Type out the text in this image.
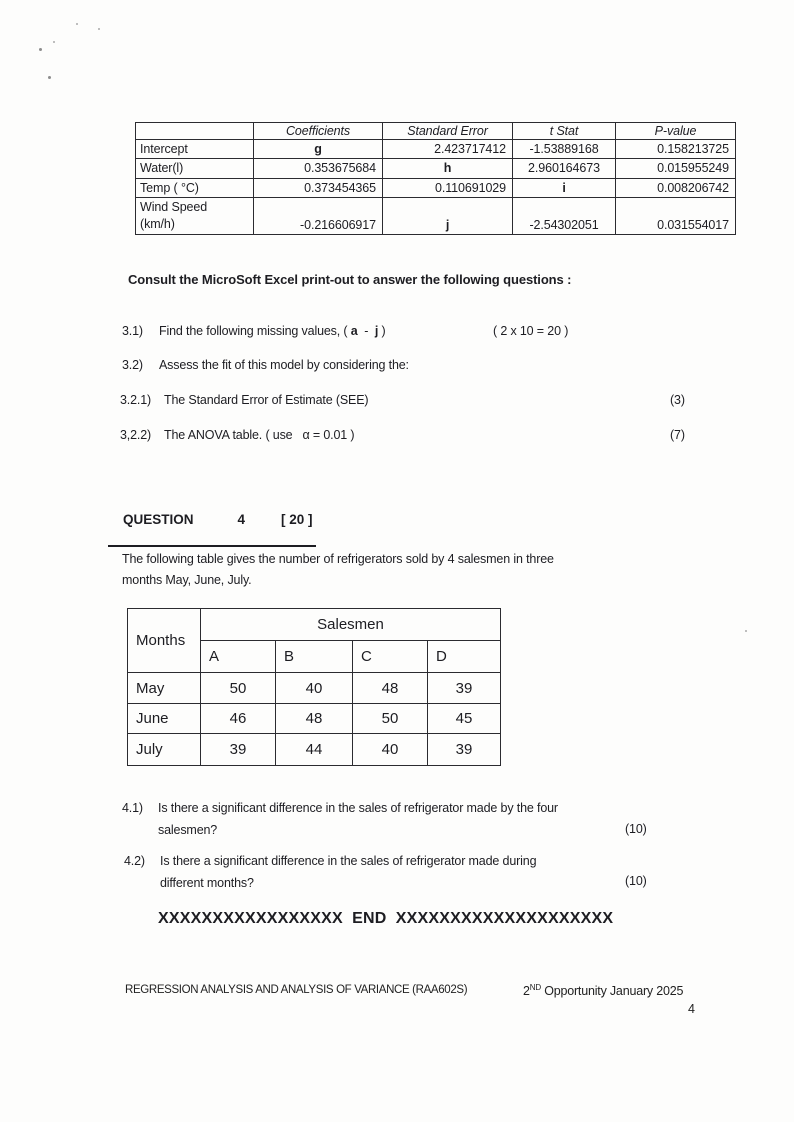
	Coefficients	Standard Error	t Stat	P-value

Intercept	g	2.423717412	-1.53889168	0.158213725

Water(l)	0.353675684	h	2.960164673	0.015955249

Temp ( °C)	0.373454365	0.110691029	i	0.008206742

Wind Speed (km/h)	-0.216606917	j	-2.54302051	0.031554017
Consult the MicroSoft Excel print-out to answer the following questions :
3.1)	Find the following missing values, ( a  -  j )	( 2 x 10 = 20 )
3.2)	Assess the fit of this model by considering the:
3.2.1)	The Standard Error of Estimate (SEE)	(3)
3,2.2)	The ANOVA table. ( use   α = 0.01 )	(7)

QUESTION	4	[ 20 ]

The following table gives the number of refrigerators sold by 4 salesmen in three
months May, June, July.
Months	Salesmen			
	A	B	C	D
May	50	40	48	39
June	46	48	50	45
July	39	44	40	39
4.1)	Is there a significant difference in the sales of refrigerator made by the four
salesmen?	(10)
4.2)	Is there a significant difference in the sales of refrigerator made during
different months?	(10)
XXXXXXXXXXXXXXXXX  END  XXXXXXXXXXXXXXXXXXXX
REGRESSION ANALYSIS AND ANALYSIS OF VARIANCE (RAA602S)	2ND Opportunity January 2025
4
